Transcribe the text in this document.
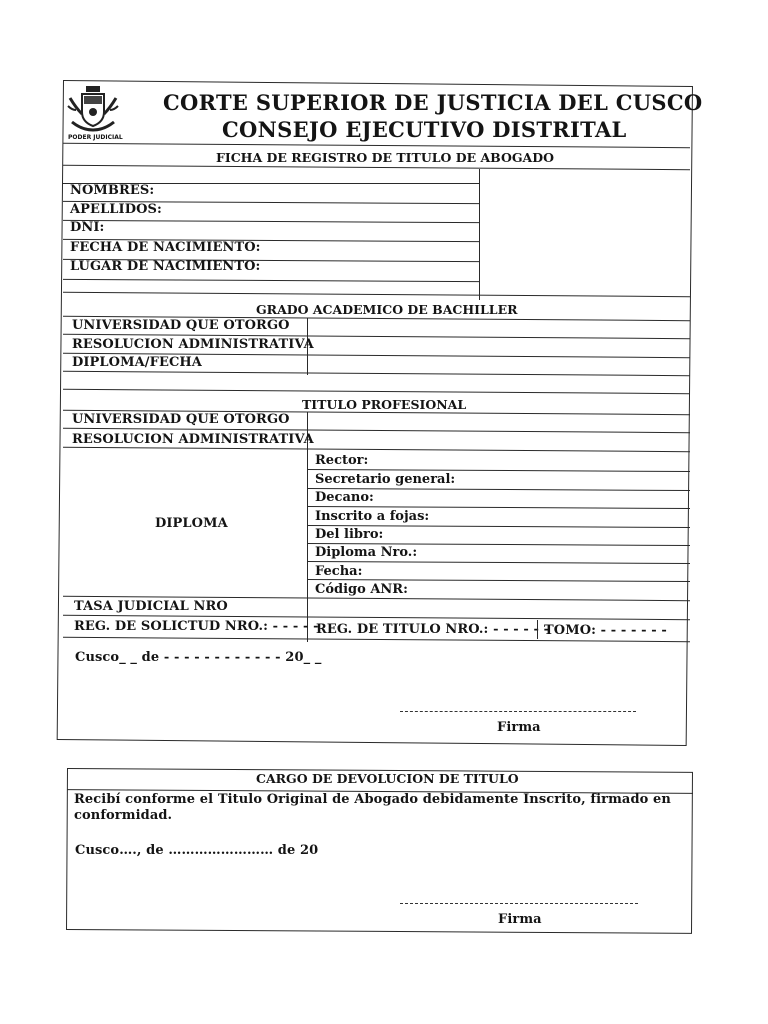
PODER JUDICIAL
CORTE SUPERIOR DE JUSTICIA DEL CUSCO
CONSEJO EJECUTIVO DISTRITAL
FICHA DE REGISTRO DE TITULO DE ABOGADO
NOMBRES:
APELLIDOS:
DNI:
FECHA DE NACIMIENTO:
LUGAR DE NACIMIENTO:
GRADO ACADEMICO DE BACHILLER
UNIVERSIDAD QUE OTORGO
RESOLUCION ADMINISTRATIVA
DIPLOMA/FECHA
TITULO PROFESIONAL
UNIVERSIDAD QUE OTORGO
RESOLUCION ADMINISTRATIVA
DIPLOMA
Rector:
Secretario general:
Decano:
Inscrito a fojas:
Del libro:
Diploma Nro.:
Fecha:
Código ANR:
TASA JUDICIAL NRO
REG. DE SOLICTUD NRO.: - - - - -
REG. DE TITULO NRO.: - - - - - -
TOMO: - - - - - - -
Cusco_ _ de - - - - - - - - - - - - 20_ _
Firma
CARGO DE DEVOLUCION DE TITULO
Recibí conforme el Titulo Original de Abogado debidamente Inscrito, firmado en
conformidad.
Cusco…., de …………………… de 20
Firma
